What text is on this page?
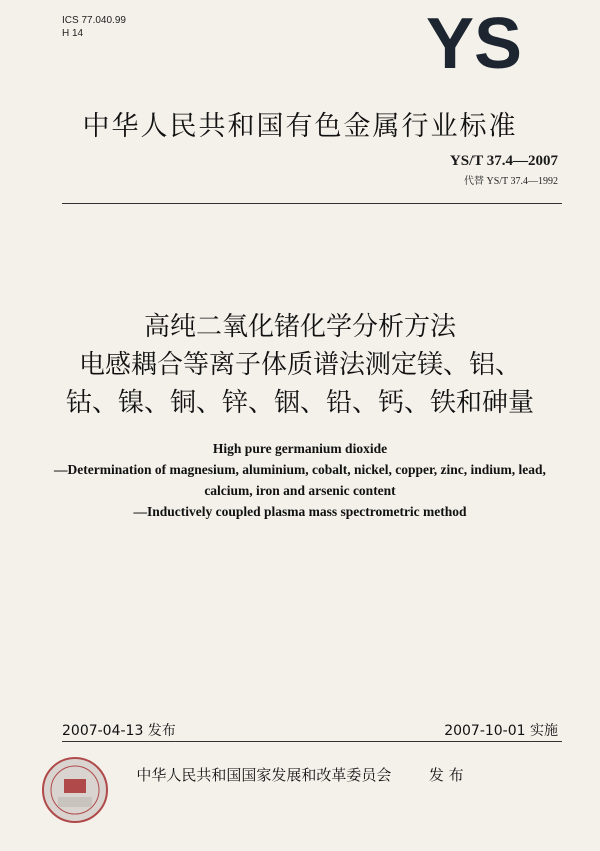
ICS 77.040.99
H 14	YS
中华人民共和国有色金属行业标准
YS/T 37.4—2007
代替 YS/T 37.4—1992
高纯二氧化锗化学分析方法
电感耦合等离子体质谱法测定镁、铝、
钴、镍、铜、锌、铟、铅、钙、铁和砷量
High pure germanium dioxide
—Determination of magnesium, aluminium, cobalt, nickel, copper, zinc, indium, lead,
calcium, iron and arsenic content
—Inductively coupled plasma mass spectrometric method
2007-04-13 发布	2007-10-01 实施
中华人民共和国国家发展和改革委员会	发 布
